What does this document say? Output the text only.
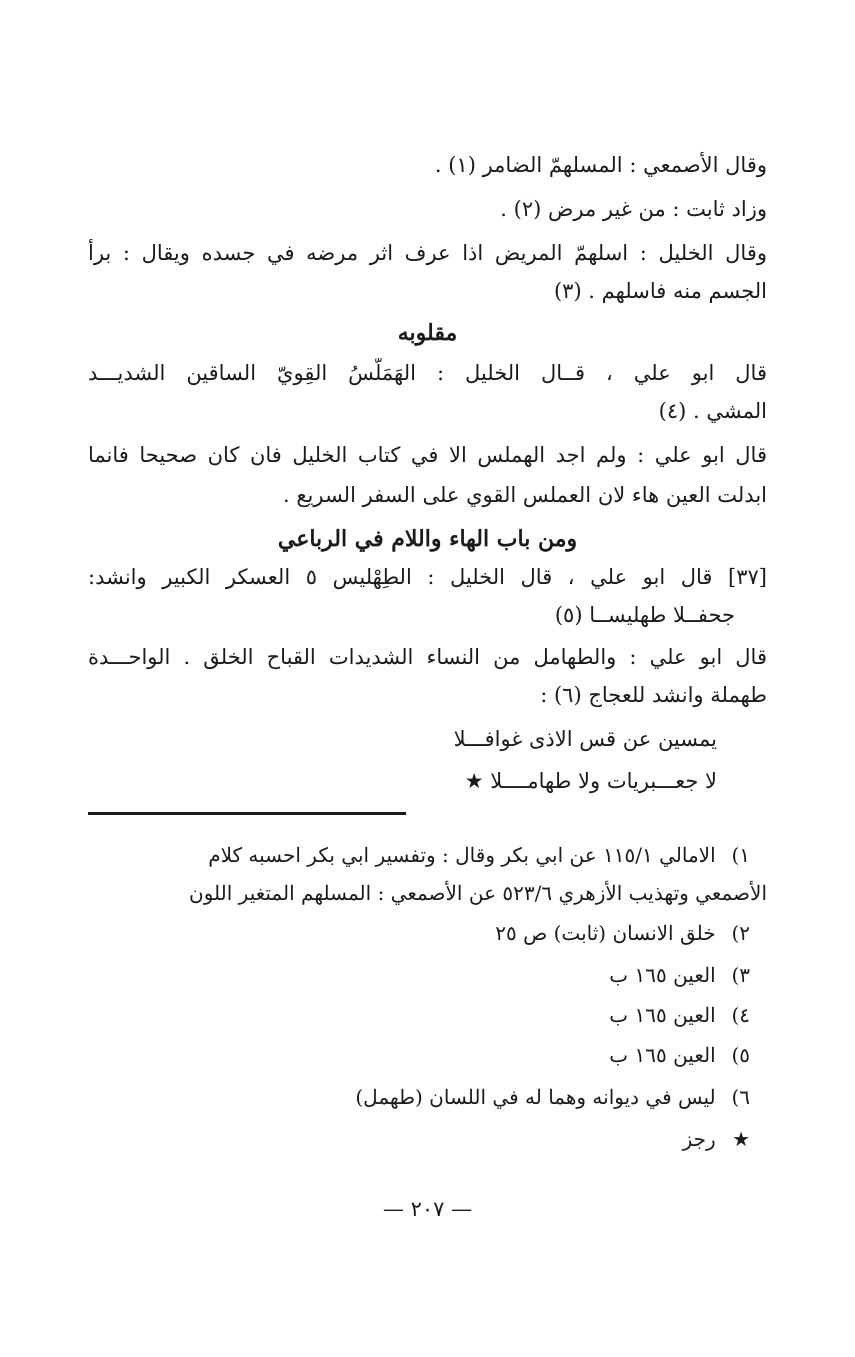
وقال الأصمعي : المسلهمّ الضامر (١) .
وزاد ثابت : من غير مرض (٢) .
وقال الخليل : اسلهمّ المريض اذا عرف اثر مرضه في جسده ويقال : برأ
الجسم منه فاسلهم . (٣)
مقلوبه
قال ابو علي ، قــال الخليل : الهَمَلّسُ القِويّ الساقين الشديـــد
المشي . (٤)
قال ابو علي : ولم اجد الهملس الا في كتاب الخليل فان كان صحيحا فانما
ابدلت العين هاء لان العملس القوي على السفر السريع .
ومن باب الهاء واللام في الرباعي
[٣٧] قال ابو علي ، قال الخليل : الطِهْليس ٥ العسكر الكبير وانشد:
جحفــلا طهليســا (٥)
قال ابو علي : والطهامل من النساء الشديدات القباح الخلق . الواحـــدة
طهملة وانشد للعجاج (٦) :
يمسين عن قس الاذى غوافـــلا
لا جعـــبريات ولا طهامــــلا ★
١) الامالي ١١٥/١ عن ابي بكر وقال : وتفسير ابي بكر احسبه كلام
الأصمعي وتهذيب الأزهري ٥٢٣/٦ عن الأصمعي : المسلهم المتغير اللون
٢) خلق الانسان (ثابت) ص ٢٥
٣) العين ١٦٥ ب
٤) العين ١٦٥ ب
٥) العين ١٦٥ ب
٦) ليس في ديوانه وهما له في اللسان (طهمل)
★ رجز
— ٢٠٧ —
